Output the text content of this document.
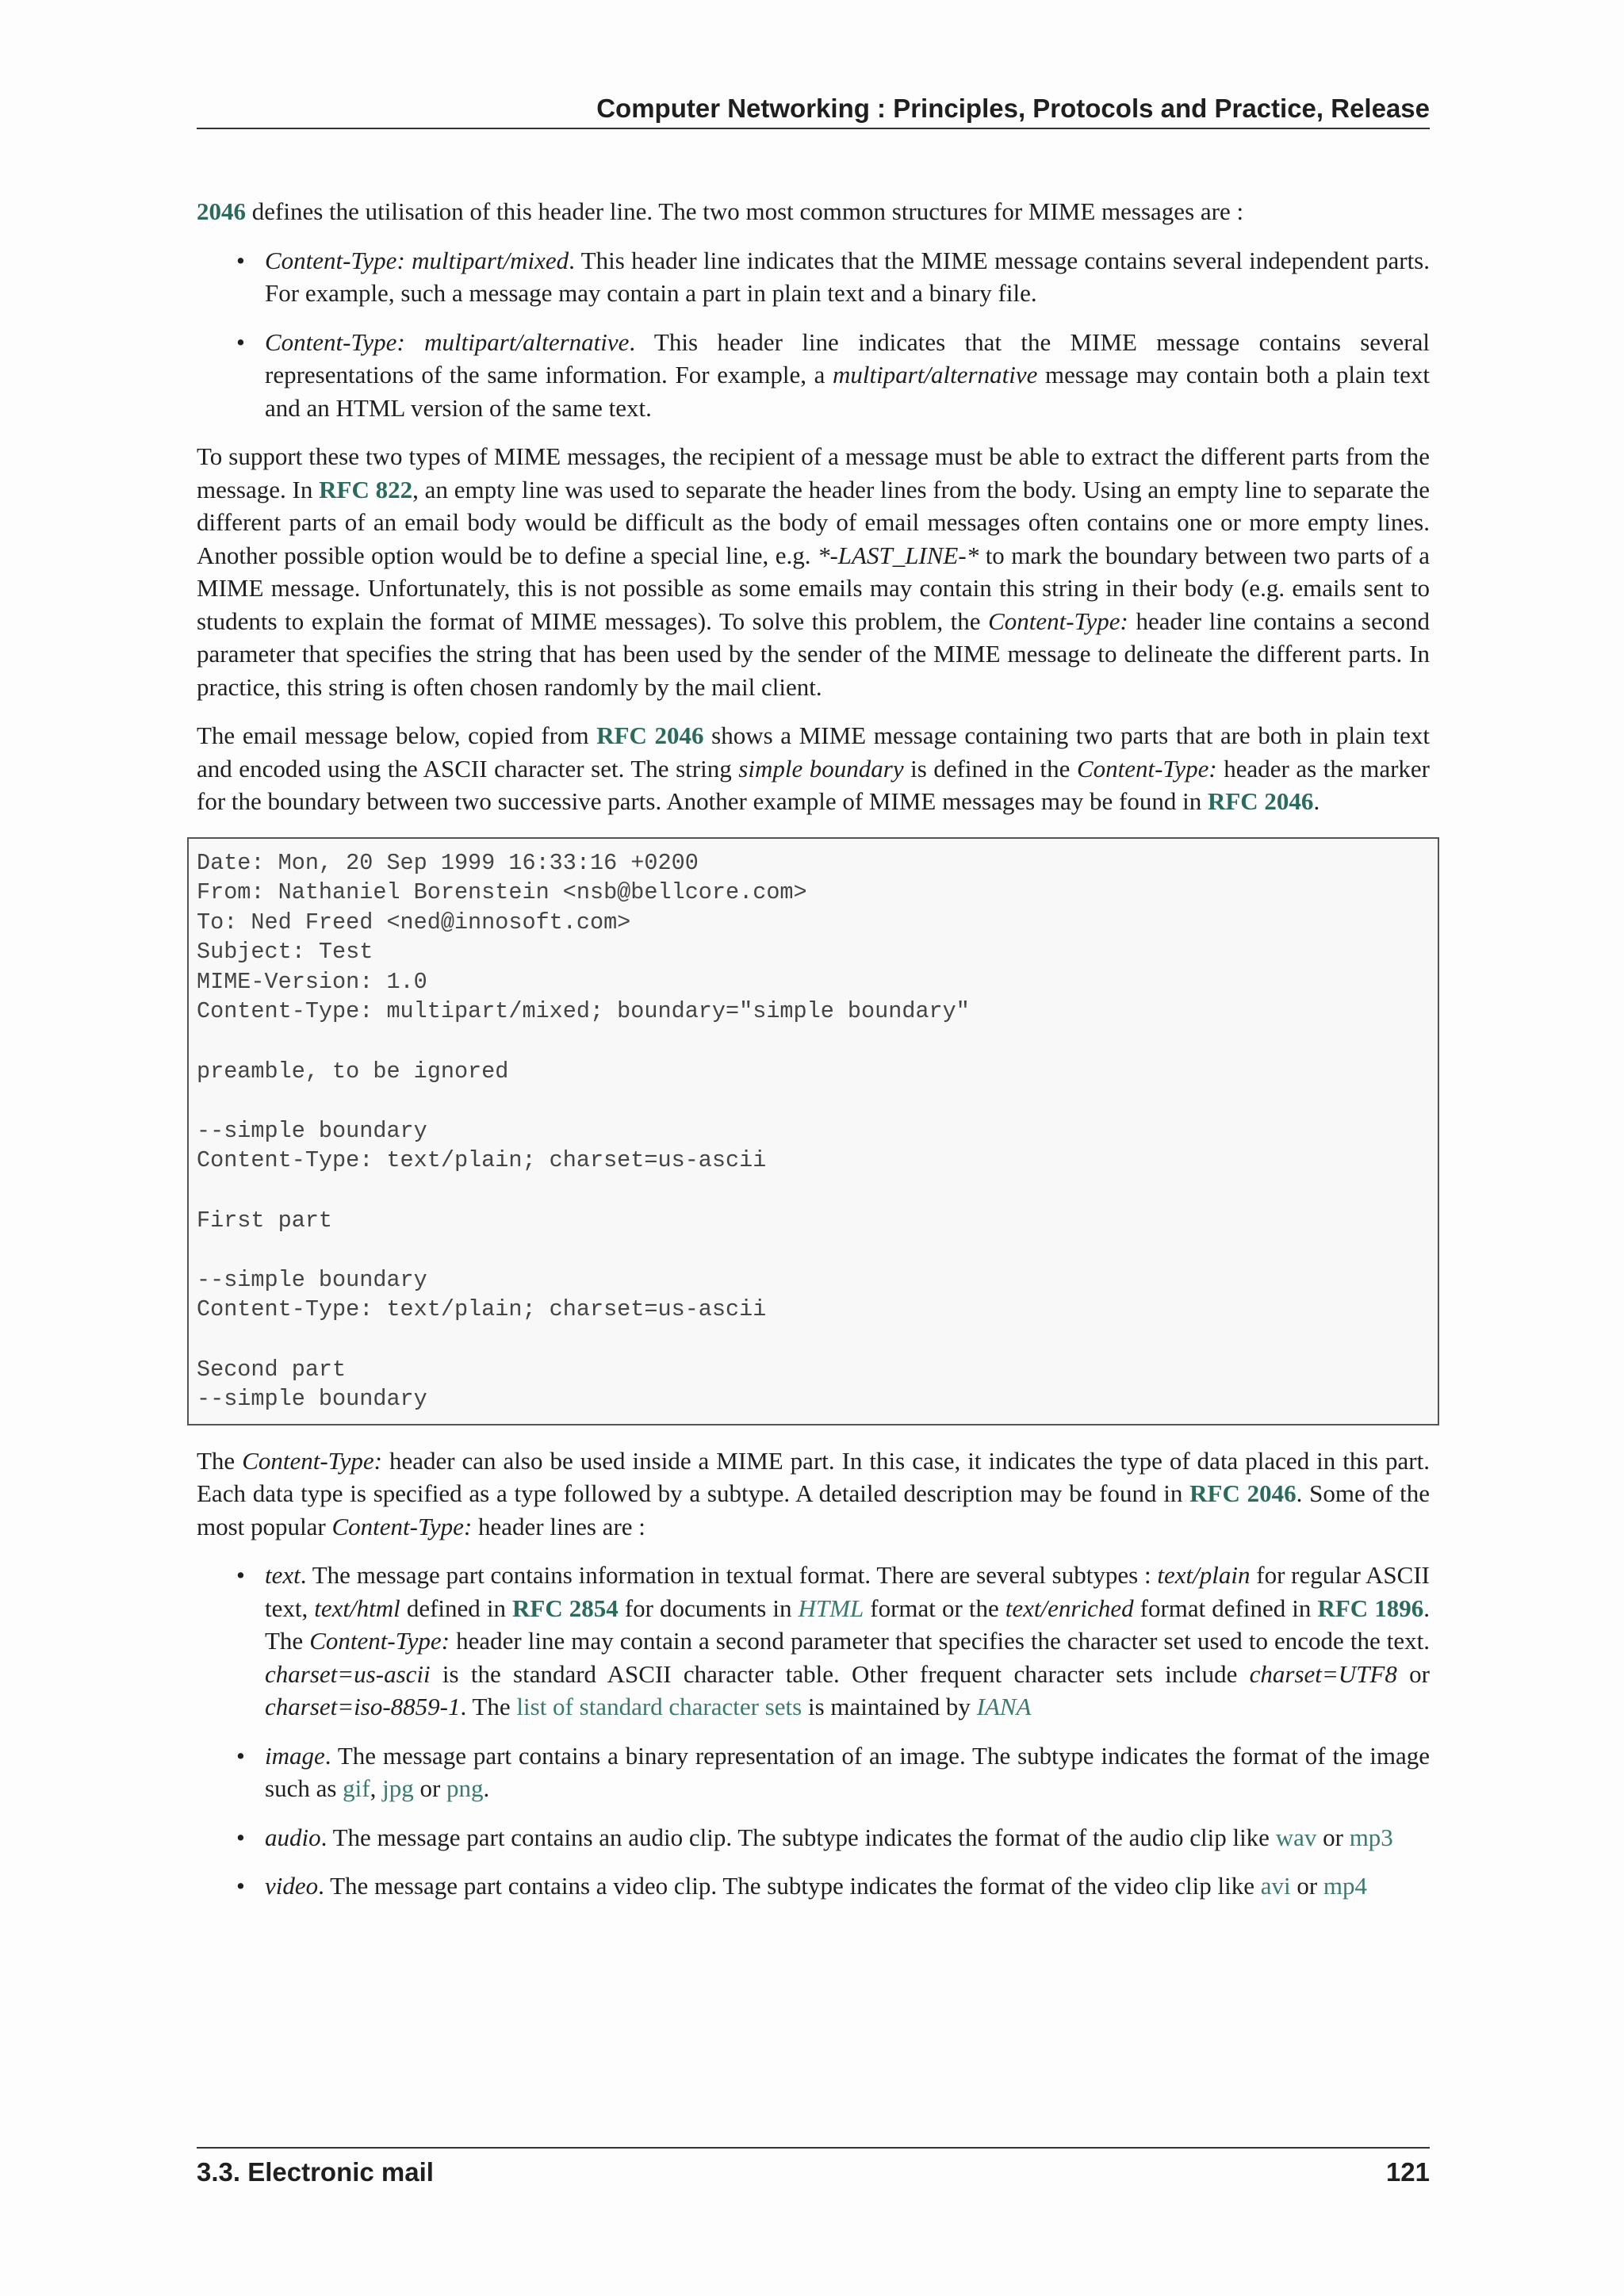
Computer Networking : Principles, Protocols and Practice, Release

2046 defines the utilisation of this header line. The two most common structures for MIME messages are :

• Content-Type: multipart/mixed. This header line indicates that the MIME message contains several independent parts. For example, such a message may contain a part in plain text and a binary file.
• Content-Type: multipart/alternative. This header line indicates that the MIME message contains several representations of the same information. For example, a multipart/alternative message may contain both a plain text and an HTML version of the same text.

To support these two types of MIME messages, the recipient of a message must be able to extract the different parts from the message. In RFC 822, an empty line was used to separate the header lines from the body. Using an empty line to separate the different parts of an email body would be difficult as the body of email messages often contains one or more empty lines. Another possible option would be to define a special line, e.g. *-LAST_LINE-* to mark the boundary between two parts of a MIME message. Unfortunately, this is not possible as some emails may contain this string in their body (e.g. emails sent to students to explain the format of MIME messages). To solve this problem, the Content-Type: header line contains a second parameter that specifies the string that has been used by the sender of the MIME message to delineate the different parts. In practice, this string is often chosen randomly by the mail client.

The email message below, copied from RFC 2046 shows a MIME message containing two parts that are both in plain text and encoded using the ASCII character set. The string simple boundary is defined in the Content-Type: header as the marker for the boundary between two successive parts. Another example of MIME messages may be found in RFC 2046.

Date: Mon, 20 Sep 1999 16:33:16 +0200
From: Nathaniel Borenstein <nsb@bellcore.com>
To: Ned Freed <ned@innosoft.com>
Subject: Test
MIME-Version: 1.0
Content-Type: multipart/mixed; boundary="simple boundary"

preamble, to be ignored

--simple boundary
Content-Type: text/plain; charset=us-ascii

First part

--simple boundary
Content-Type: text/plain; charset=us-ascii

Second part
--simple boundary

The Content-Type: header can also be used inside a MIME part. In this case, it indicates the type of data placed in this part. Each data type is specified as a type followed by a subtype. A detailed description may be found in RFC 2046. Some of the most popular Content-Type: header lines are :

• text. The message part contains information in textual format. There are several subtypes : text/plain for regular ASCII text, text/html defined in RFC 2854 for documents in HTML format or the text/enriched format defined in RFC 1896. The Content-Type: header line may contain a second parameter that specifies the character set used to encode the text. charset=us-ascii is the standard ASCII character table. Other frequent character sets include charset=UTF8 or charset=iso-8859-1. The list of standard character sets is maintained by IANA
• image. The message part contains a binary representation of an image. The subtype indicates the format of the image such as gif, jpg or png.
• audio. The message part contains an audio clip. The subtype indicates the format of the audio clip like wav or mp3
• video. The message part contains a video clip. The subtype indicates the format of the video clip like avi or mp4
3.3. Electronic mail	121
